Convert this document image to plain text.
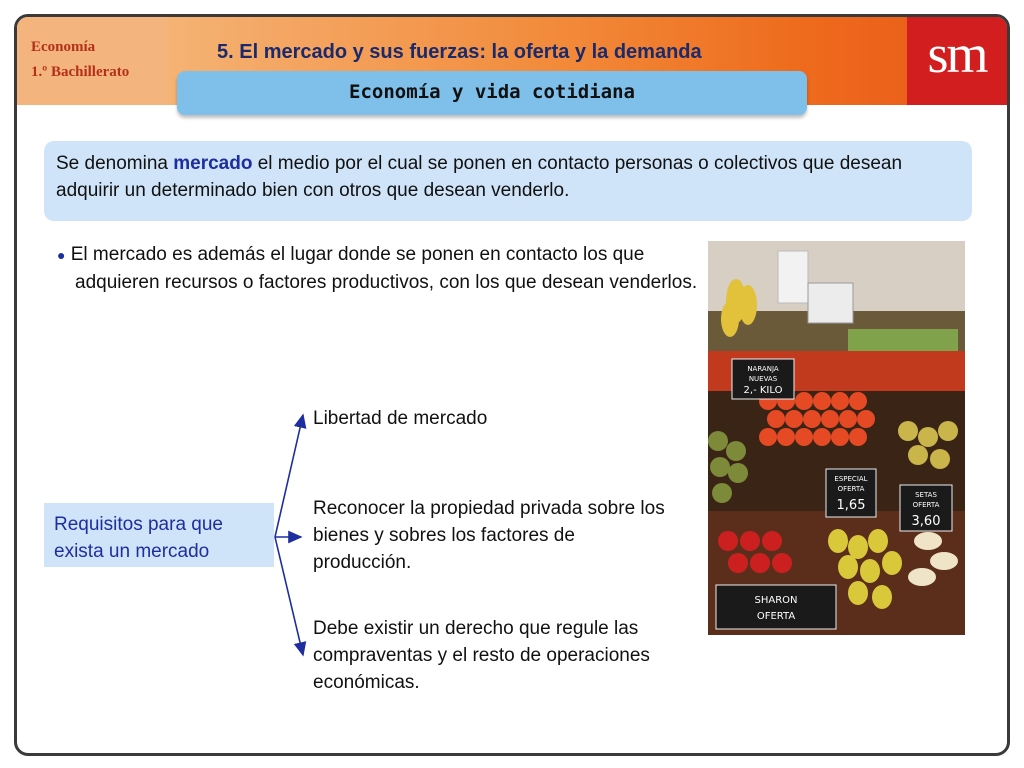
Economía
1.º Bachillerato
5. El mercado y sus fuerzas: la oferta y la demanda	sm
Economía y vida cotidiana
Se denomina mercado el medio por el cual se ponen en contacto personas o colectivos que desean adquirir un determinado bien con otros que desean venderlo.
● El mercado es además el lugar donde se ponen en contacto los que adquieren recursos o factores productivos, con los que desean venderlos.
Requisitos para que exista un mercado
Libertad de mercado
Reconocer la propiedad privada sobre los bienes y sobres los factores de producción.
Debe existir un derecho que regule las compraventas y el resto de operaciones económicas.
NARANJA
NUEVAS
2,- KILO
ESPECIAL
OFERTA
1,65
SETAS
OFERTA
3,60
SHARON
OFERTA
